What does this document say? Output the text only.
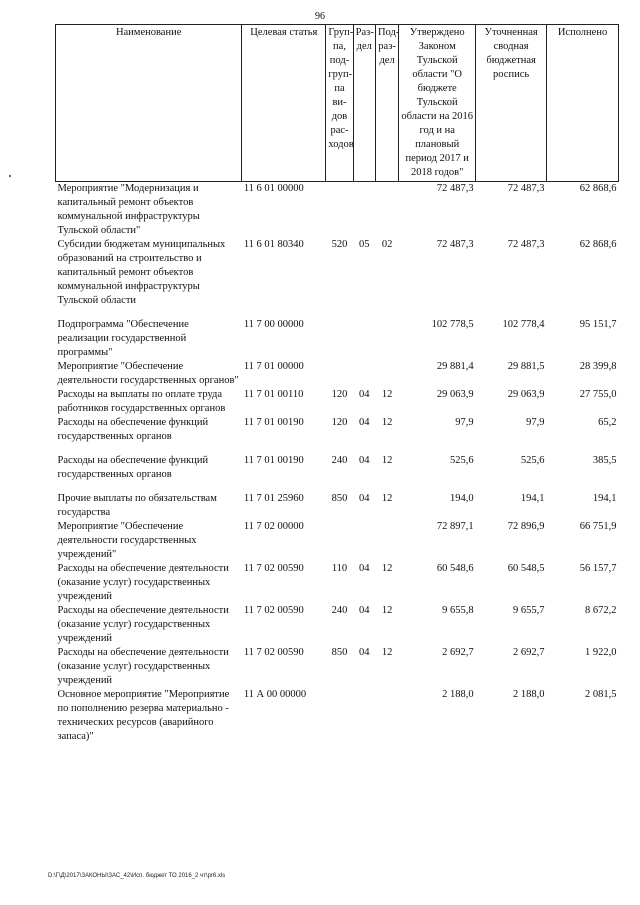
96
Наименование	Целевая статья	Груп-па, под-груп-па ви-дов рас-ходов	Раз-дел	Под-раз-дел	Утверждено Законом Тульской области "О бюджете Тульской области на 2016 год и на плановый период 2017 и 2018 годов"	Уточненная сводная бюджетная роспись	Исполнено
Мероприятие "Модернизация и капитальный ремонт объектов коммунальной инфраструктуры Тульской области"	11 6 01 00000				72 487,3	72 487,3	62 868,6
Субсидии бюджетам муниципальных образований на строительство и капитальный ремонт объектов коммунальной инфраструктуры Тульской области	11 6 01 80340	520	05	02	72 487,3	72 487,3	62 868,6

Подпрограмма "Обеспечение реализации государственной программы"	11 7 00 00000				102 778,5	102 778,4	95 151,7
Мероприятие "Обеспечение деятельности государственных органов"	11 7 01 00000				29 881,4	29 881,5	28 399,8
Расходы на выплаты по оплате труда работников государственных органов	11 7 01 00110	120	04	12	29 063,9	29 063,9	27 755,0
Расходы на обеспечение функций государственных органов	11 7 01 00190	120	04	12	97,9	97,9	65,2

Расходы на обеспечение функций государственных органов	11 7 01 00190	240	04	12	525,6	525,6	385,5

Прочие выплаты по обязательствам государства	11 7 01 25960	850	04	12	194,0	194,1	194,1
Мероприятие "Обеспечение деятельности государственных учреждений"	11 7 02 00000				72 897,1	72 896,9	66 751,9
Расходы на обеспечение деятельности (оказание услуг) государственных учреждений	11 7 02 00590	110	04	12	60 548,6	60 548,5	56 157,7
Расходы на обеспечение деятельности (оказание услуг) государственных учреждений	11 7 02 00590	240	04	12	9 655,8	9 655,7	8 672,2
Расходы на обеспечение деятельности (оказание услуг) государственных учреждений	11 7 02 00590	850	04	12	2 692,7	2 692,7	1 922,0
Основное мероприятие "Мероприятие по пополнению резерва материально - технических ресурсов (аварийного запаса)"	11 А 00 00000				2 188,0	2 188,0	2 081,5
D:\Г\Д\2017\ЗАКОНЫ\ЗАС_42\Исп. бюджет ТО 2016_2 чт\pr6.xls
